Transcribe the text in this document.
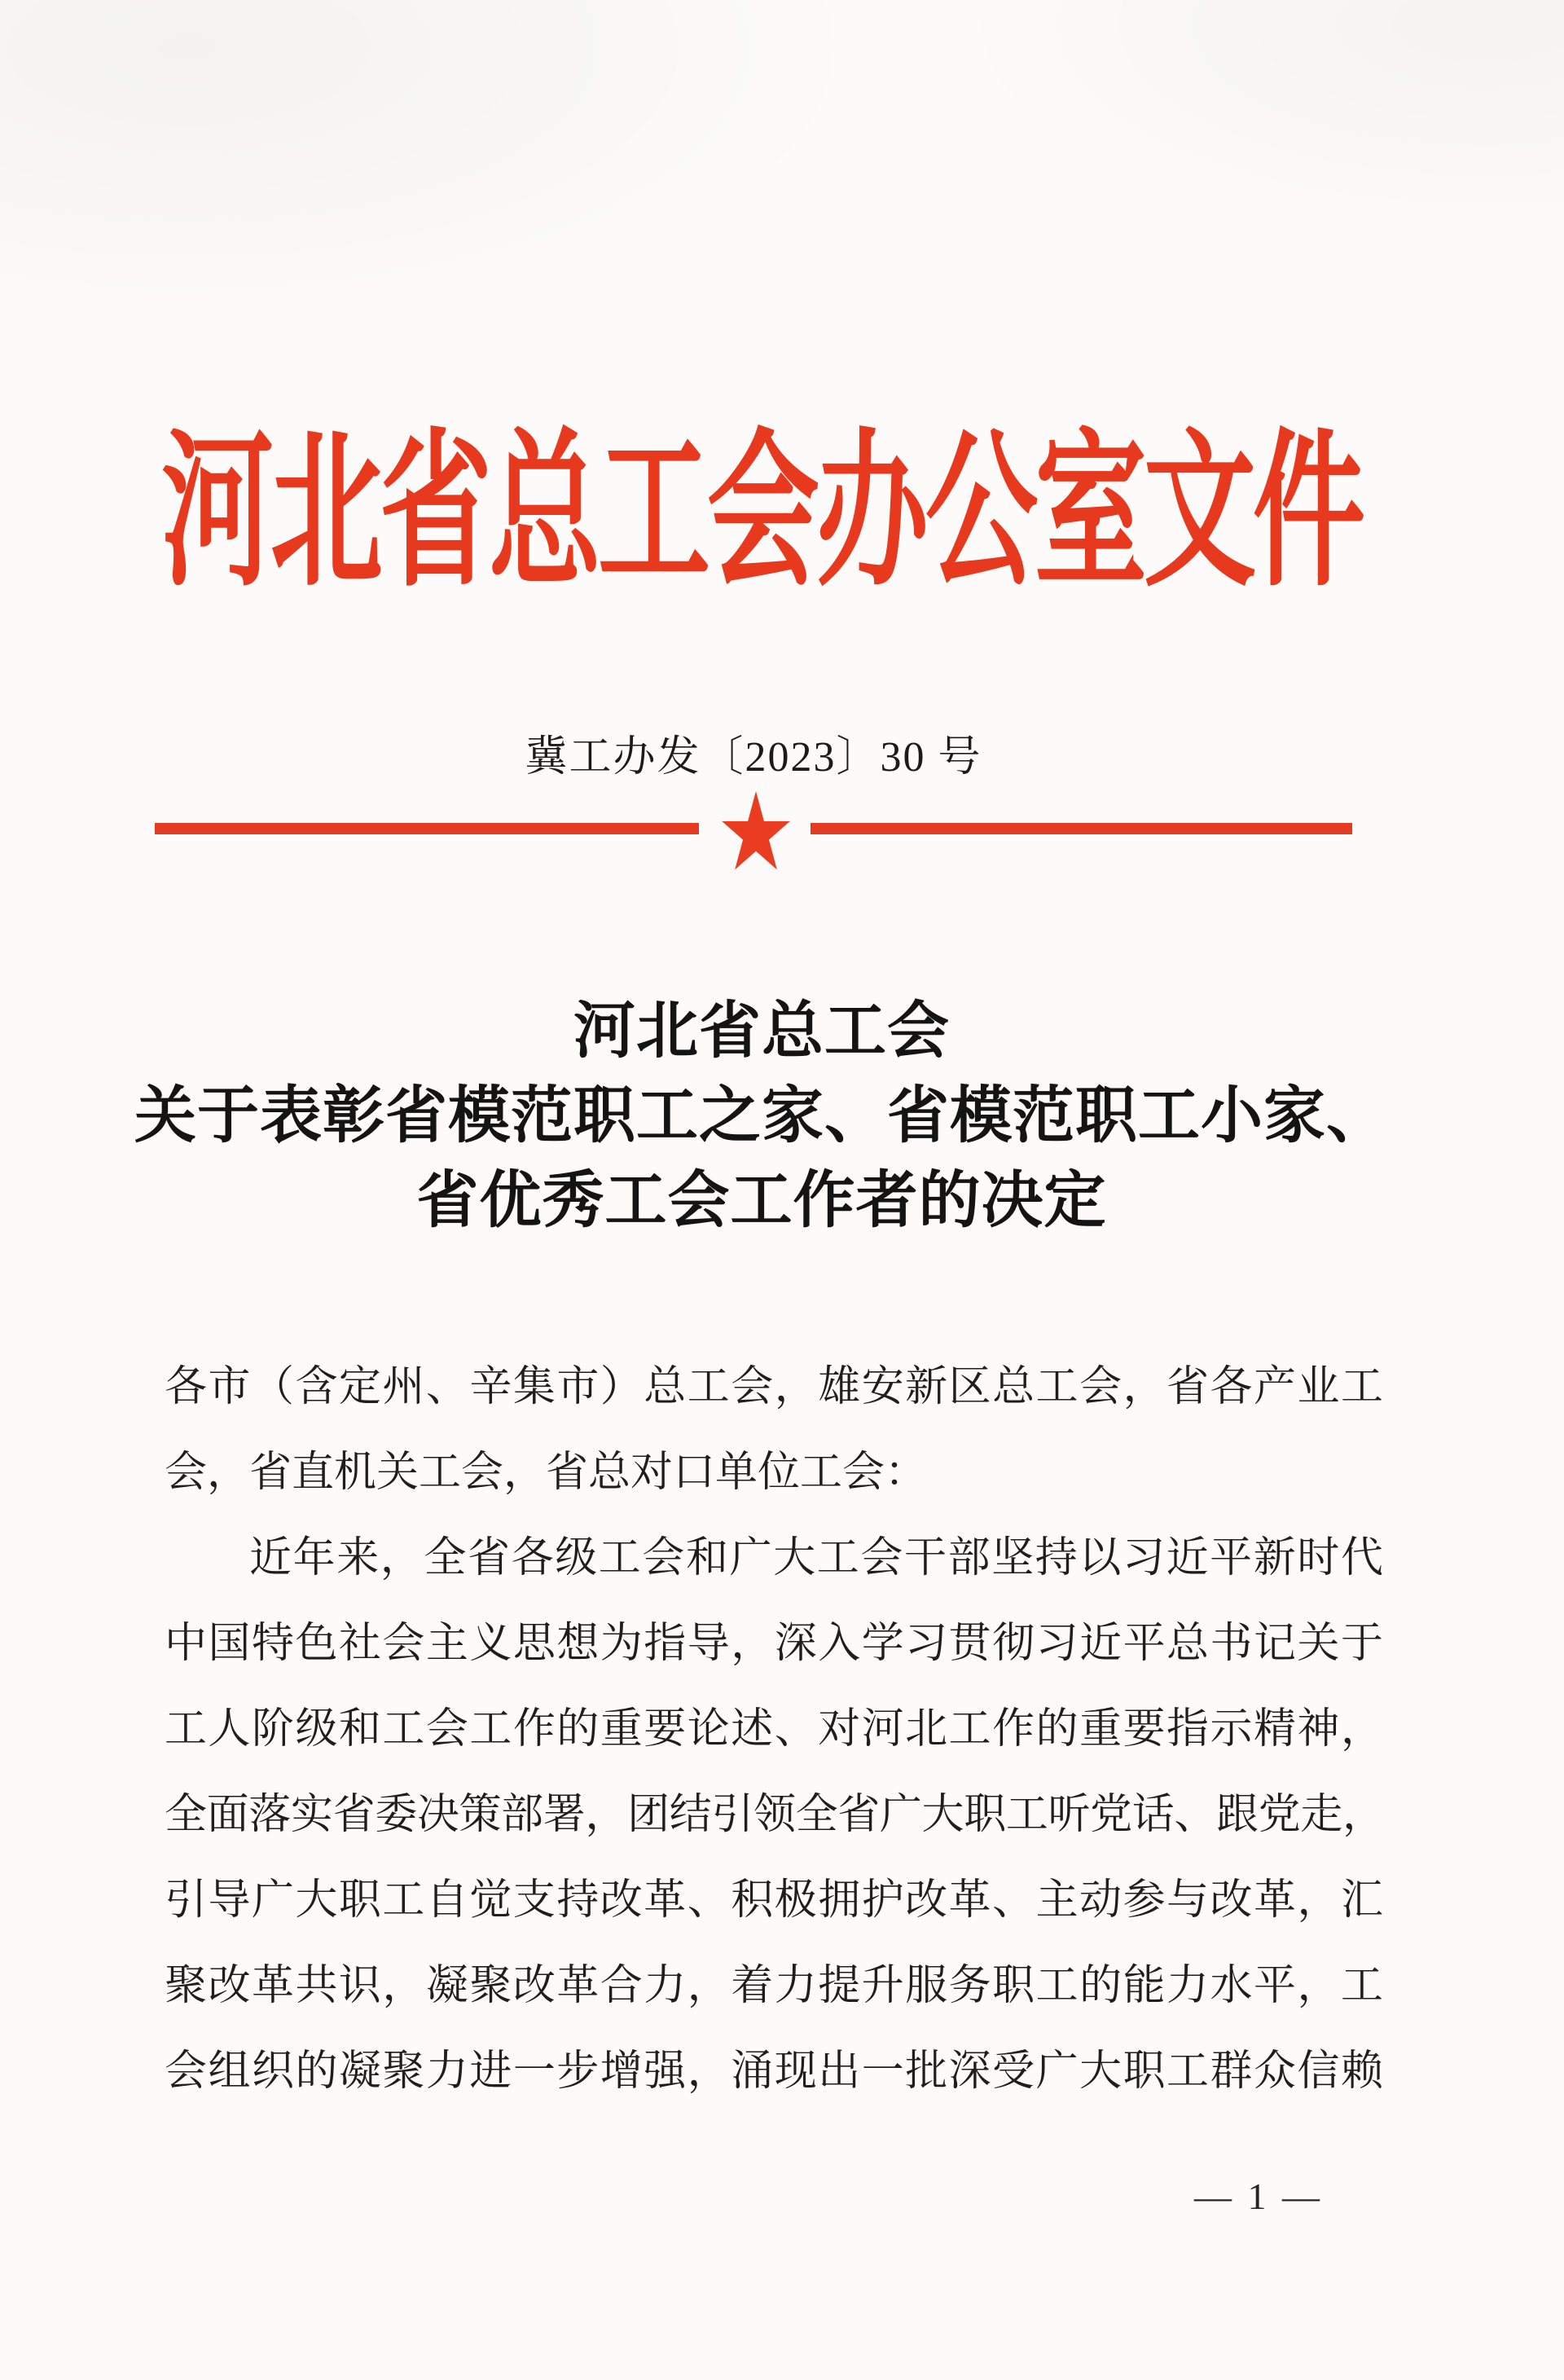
河北省总工会办公室文件
冀工办发〔2023〕30 号
河北省总工会
关于表彰省模范职工之家、省模范职工小家、
省优秀工会工作者的决定
各市（含定州、辛集市）总工会，雄安新区总工会，省各产业工
会，省直机关工会，省总对口单位工会：
近年来，全省各级工会和广大工会干部坚持以习近平新时代
中国特色社会主义思想为指导，深入学习贯彻习近平总书记关于
工人阶级和工会工作的重要论述、对河北工作的重要指示精神，
全面落实省委决策部署，团结引领全省广大职工听党话、跟党走，
引导广大职工自觉支持改革、积极拥护改革、主动参与改革，汇
聚改革共识，凝聚改革合力，着力提升服务职工的能力水平，工
会组织的凝聚力进一步增强，涌现出一批深受广大职工群众信赖
— 1 —
